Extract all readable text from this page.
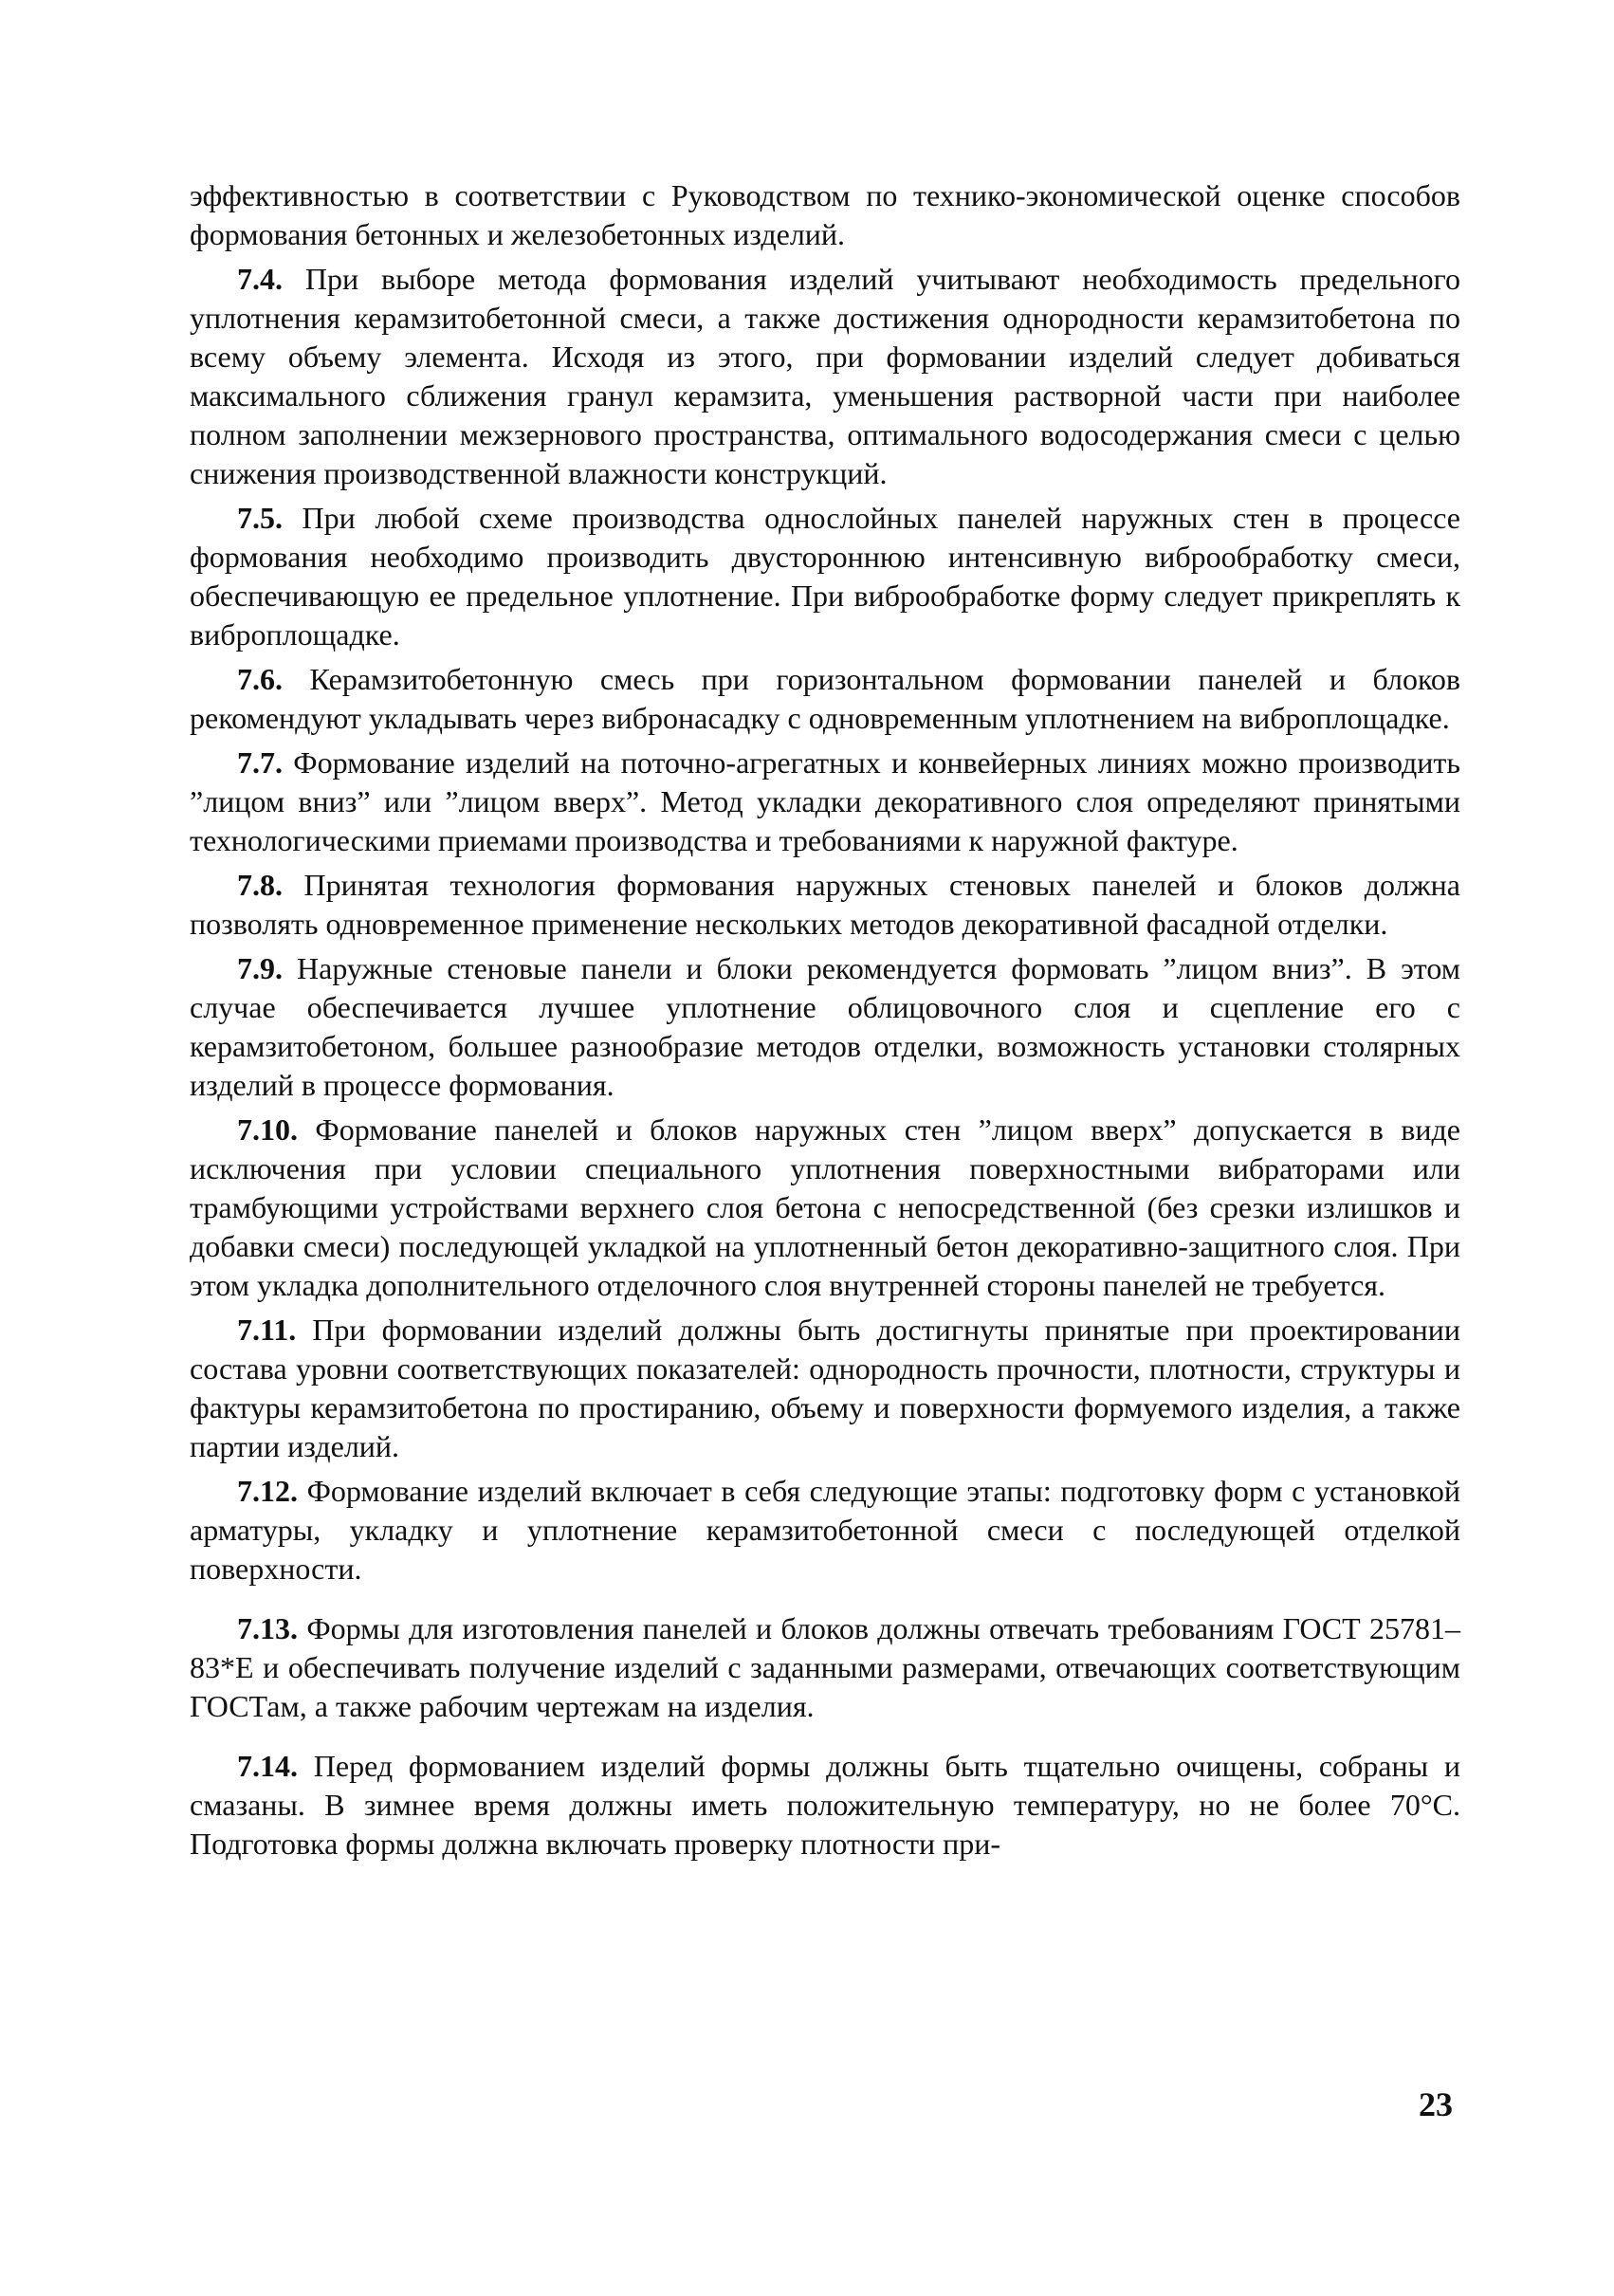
эффективностью в соответствии с Руководством по технико-экономической оценке способов формования бетонных и железобетонных изделий.

7.4. При выборе метода формования изделий учитывают необходимость предельного уплотнения керамзитобетонной смеси, а также достижения однородности керамзитобетона по всему объему элемента. Исходя из этого, при формовании изделий следует добиваться максимального сближения гранул керамзита, уменьшения растворной части при наиболее полном заполнении межзернового пространства, оптимального водосодержания смеси с целью снижения производственной влажности конструкций.

7.5. При любой схеме производства однослойных панелей наружных стен в процессе формования необходимо производить двустороннюю интенсивную виброобработку смеси, обеспечивающую ее предельное уплотнение. При виброобработке форму следует прикреплять к виброплощадке.

7.6. Керамзитобетонную смесь при горизонтальном формовании панелей и блоков рекомендуют укладывать через вибронасадку с одновременным уплотнением на виброплощадке.

7.7. Формование изделий на поточно-агрегатных и конвейерных линиях можно производить ”лицом вниз” или ”лицом вверх”. Метод укладки декоративного слоя определяют принятыми технологическими приемами производства и требованиями к наружной фактуре.

7.8. Принятая технология формования наружных стеновых панелей и блоков должна позволять одновременное применение нескольких методов декоративной фасадной отделки.

7.9. Наружные стеновые панели и блоки рекомендуется формовать ”лицом вниз”. В этом случае обеспечивается лучшее уплотнение облицовочного слоя и сцепление его с керамзитобетоном, большее разнообразие методов отделки, возможность установки столярных изделий в процессе формования.

7.10. Формование панелей и блоков наружных стен ”лицом вверх” допускается в виде исключения при условии специального уплотнения поверхностными вибраторами или трамбующими устройствами верхнего слоя бетона с непосредственной (без срезки излишков и добавки смеси) последующей укладкой на уплотненный бетон декоративно-защитного слоя. При этом укладка дополнительного отделочного слоя внутренней стороны панелей не требуется.

7.11. При формовании изделий должны быть достигнуты принятые при проектировании состава уровни соответствующих показателей: однородность прочности, плотности, структуры и фактуры керамзитобетона по простиранию, объему и поверхности формуемого изделия, а также партии изделий.

7.12. Формование изделий включает в себя следующие этапы: подготовку форм с установкой арматуры, укладку и уплотнение керамзитобетонной смеси с последующей отделкой поверхности.

7.13. Формы для изготовления панелей и блоков должны отвечать требованиям ГОСТ 25781–83*Е и обеспечивать получение изделий с заданными размерами, отвечающих соответствующим ГОСТам, а также рабочим чертежам на изделия.

7.14. Перед формованием изделий формы должны быть тщательно очищены, собраны и смазаны. В зимнее время должны иметь положительную температуру, но не более 70°С. Подготовка формы должна включать проверку плотности при-

23
